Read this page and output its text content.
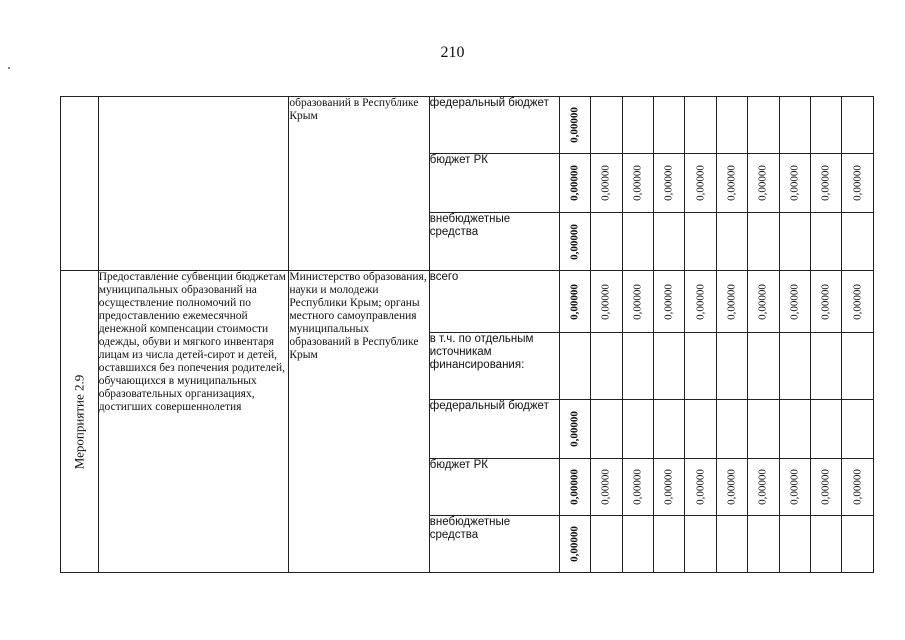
210
		образований в Республике Крым	федеральный бюджет	0,00000									

			бюджет РК	0,00000	0,00000	0,00000	0,00000	0,00000	0,00000	0,00000	0,00000	0,00000	0,00000

			внебюджетные средства	0,00000									

Мероприятие 2.9	Предоставление субвенции бюджетам муниципальных образований на осуществление полномочий по предоставлению ежемесячной денежной компенсации стоимости одежды, обуви и мягкого инвентаря лицам из числа детей-сирот и детей, оставшихся без попечения родителей, обучающихся в муниципальных образовательных организациях, достигших совершеннолетия	Министерство образования, науки и молодежи Республики Крым; органы местного самоуправления муниципальных образований в Республике Крым	всего	0,00000	0,00000	0,00000	0,00000	0,00000	0,00000	0,00000	0,00000	0,00000	0,00000

			в т.ч. по отдельным источникам финансирования:										
			федеральный бюджет	0,00000									

			бюджет РК	0,00000	0,00000	0,00000	0,00000	0,00000	0,00000	0,00000	0,00000	0,00000	0,00000

			внебюджетные средства	0,00000									
